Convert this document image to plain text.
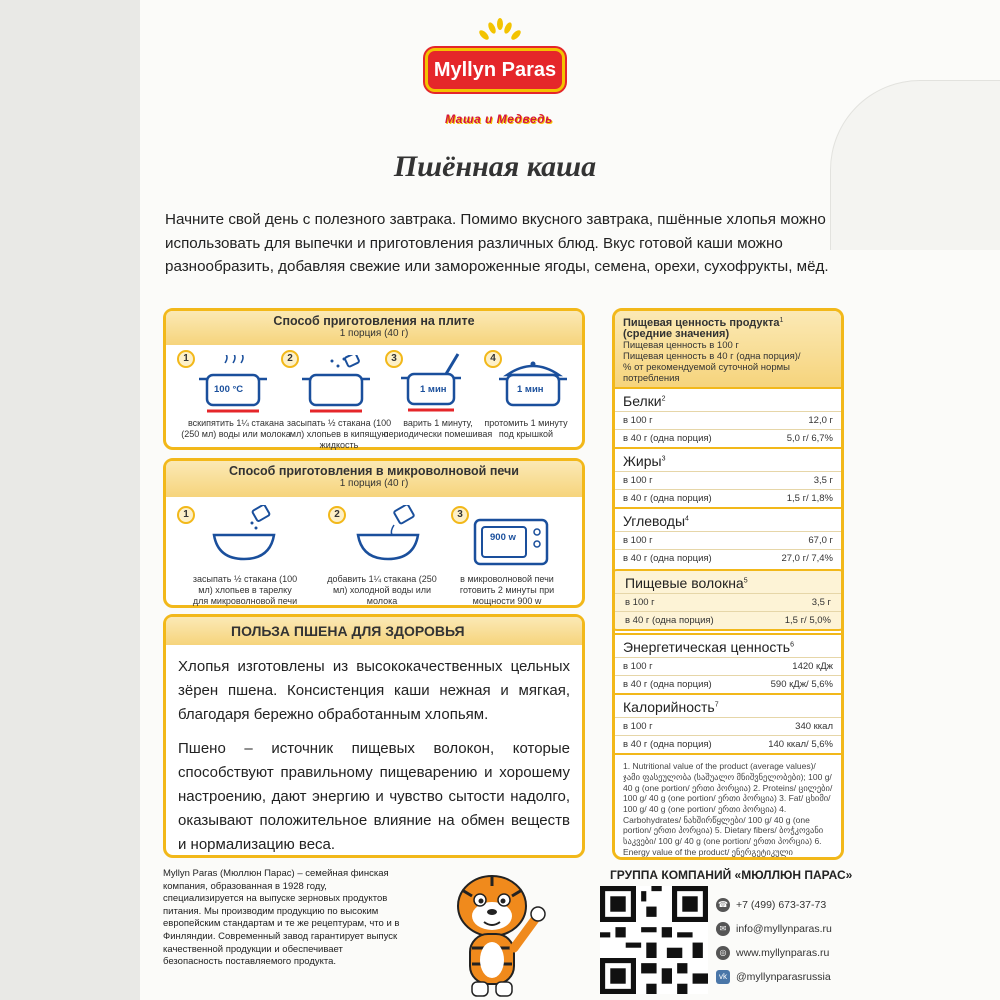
Myllyn Paras
Маша и Медведь
Пшённая каша
Начните свой день с полезного завтрака. Помимо вкусного завтрака, пшённые хлопья можно использовать для выпечки и приготовления различных блюд. Вкус готовой каши можно разнообразить, добавляя свежие или замороженные ягоды, семена, орехи, сухофрукты, мёд.
Способ приготовления на плите
1 порция (40 г)
1	2	3	4
100 °C	1 мин	1 мин
вскипятить 1¼ стакана (250 мл) воды или молока
засыпать ½ стакана (100 мл) хлопьев в кипящую жидкость
варить 1 минуту, периодически помешивая
протомить 1 минуту под крышкой
Способ приготовления в микроволновой печи
1 порция (40 г)
1	2	3
900 w
засыпать ½ стакана (100 мл) хлопьев в тарелку для микроволновой печи
добавить 1¼ стакана (250 мл) холодной воды или молока
в микроволновой печи готовить 2 минуты при мощности 900 w
ПОЛЬЗА ПШЕНА ДЛЯ ЗДОРОВЬЯ

Хлопья изготовлены из высококачественных цельных зёрен пшена. Консистенция каши нежная и мягкая, благодаря бережно обработанным хлопьям.

Пшено – источник пищевых волокон, которые способствуют правильному пищеварению и хорошему настроению, дают энергию и чувство сытости надолго, оказывают положительное влияние на обмен веществ и нормализацию веса.

Пищевая ценность продукта$^1$
(средние значения)
Пищевая ценность в 100 г
Пищевая ценность в 40 г (одна порция)/
% от рекомендуемой суточной нормы потребления
Белки$^2$
в 100 г	12,0 г
в 40 г (одна порция)	5,0 г/ 6,7%
Жиры$^3$
в 100 г	3,5 г
в 40 г (одна порция)	1,5 г/ 1,8%
Углеводы$^4$
в 100 г	67,0 г
в 40 г (одна порция)	27,0 г/ 7,4%
Пищевые волокна$^5$
в 100 г	3,5 г
в 40 г (одна порция)	1,5 г/ 5,0%
Энергетическая ценность$^6$
в 100 г	1420 кДж
в 40 г (одна порция)	590 кДж/ 5,6%
Калорийность$^7$
в 100 г	340 ккал
в 40 г (одна порция)	140 ккал/ 5,6%
1. Nutritional value of the product (average values)/ ჯამი ფასეულობა (საშუალო მნიშვნელობები); 100 g/ 40 g (one portion/ ერთი პორცია) 2. Proteins/ ცილები/ 100 g/ 40 g (one portion/ ერთი პორცია) 3. Fat/ ცხიმი/ 100 g/ 40 g (one portion/ ერთი პორცია) 4. Carbohydrates/ ნახშირწყლები/ 100 g/ 40 g (one portion/ ერთი პორცია) 5. Dietary fibers/ ბოჭკოვანი საკვები/ 100 g/ 40 g (one portion/ ერთი პორცია) 6. Energy value of the product/ ენერგეტიკული
Myllyn Paras (Мюллюн Парас) – семейная финская компания, образованная в 1928 году, специализируется на выпуске зерновых продуктов питания. Мы производим продукцию по высоким европейским стандартам и те же рецептурам, что и в Финляндии. Современный завод гарантирует выпуск качественной продукции и обеспечивает безопасность поставляемого продукта.
ГРУППА КОМПАНИЙ «МЮЛЛЮН ПАРАС»
☎ +7 (499) 673-37-73
✉ info@myllynparas.ru
◎ www.myllynparas.ru
vk @myllynparasrussia
